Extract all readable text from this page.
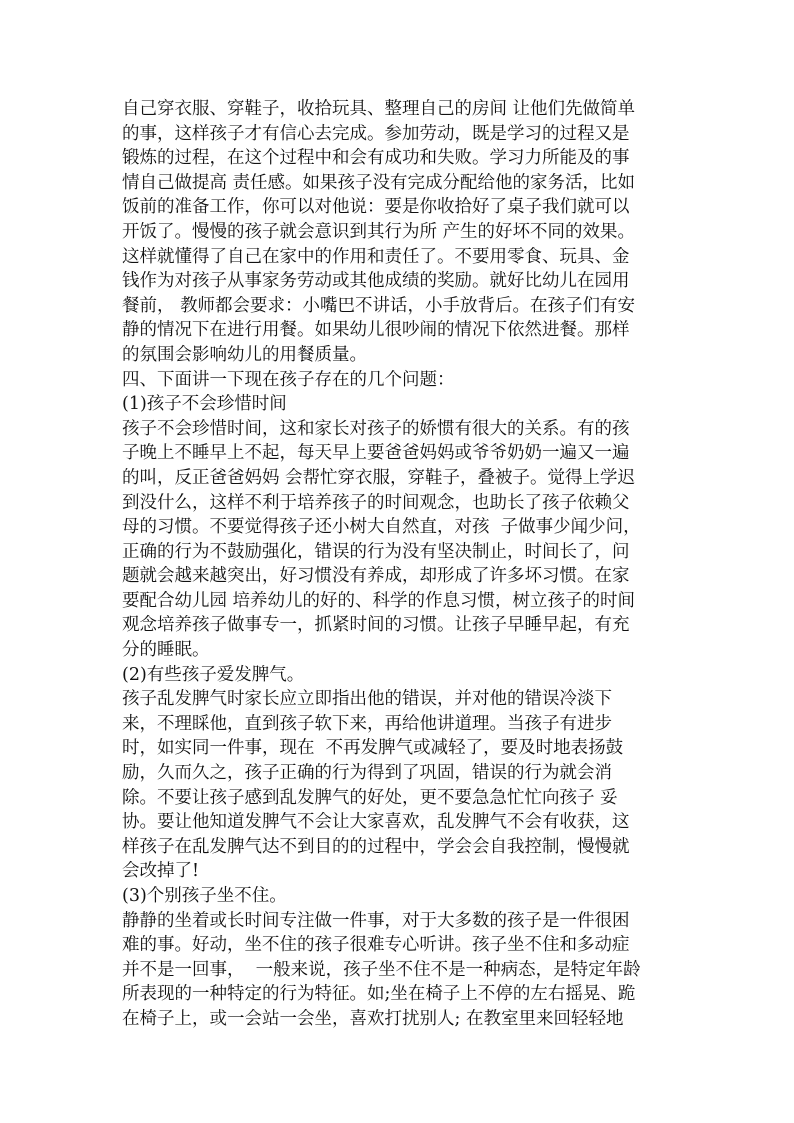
自己穿衣服、穿鞋子，收拾玩具、整理自己的房间 让他们先做简单
的事，这样孩子才有信心去完成。参加劳动，既是学习的过程又是
锻炼的过程，在这个过程中和会有成功和失败。学习力所能及的事
情自己做提高 责任感。如果孩子没有完成分配给他的家务活，比如
饭前的准备工作，你可以对他说：要是你收拾好了桌子我们就可以
开饭了。慢慢的孩子就会意识到其行为所 产生的好坏不同的效果。
这样就懂得了自己在家中的作用和责任了。不要用零食、玩具、金
钱作为对孩子从事家务劳动或其他成绩的奖励。就好比幼儿在园用
餐前， 教师都会要求：小嘴巴不讲话，小手放背后。在孩子们有安
静的情况下在进行用餐。如果幼儿很吵闹的情况下依然进餐。那样
的氛围会影响幼儿的用餐质量。
四、下面讲一下现在孩子存在的几个问题：
(1)孩子不会珍惜时间
孩子不会珍惜时间，这和家长对孩子的娇惯有很大的关系。有的孩
子晚上不睡早上不起，每天早上要爸爸妈妈或爷爷奶奶一遍又一遍
的叫，反正爸爸妈妈 会帮忙穿衣服，穿鞋子，叠被子。觉得上学迟
到没什么，这样不利于培养孩子的时间观念，也助长了孩子依赖父
母的习惯。不要觉得孩子还小树大自然直，对孩  子做事少闻少问，
正确的行为不鼓励强化，错误的行为没有坚决制止，时间长了，问
题就会越来越突出，好习惯没有养成，却形成了许多坏习惯。在家
要配合幼儿园 培养幼儿的好的、科学的作息习惯，树立孩子的时间
观念培养孩子做事专一，抓紧时间的习惯。让孩子早睡早起，有充
分的睡眠。
(2)有些孩子爱发脾气。
孩子乱发脾气时家长应立即指出他的错误，并对他的错误冷淡下
来，不理睬他，直到孩子软下来，再给他讲道理。当孩子有进步
时，如实同一件事，现在  不再发脾气或减轻了，要及时地表扬鼓
励，久而久之，孩子正确的行为得到了巩固，错误的行为就会消
除。不要让孩子感到乱发脾气的好处，更不要急急忙忙向孩子 妥
协。要让他知道发脾气不会让大家喜欢，乱发脾气不会有收获，这
样孩子在乱发脾气达不到目的的过程中，学会会自我控制，慢慢就
会改掉了!
(3)个别孩子坐不住。
静静的坐着或长时间专注做一件事，对于大多数的孩子是一件很困
难的事。好动，坐不住的孩子很难专心听讲。孩子坐不住和多动症
并不是一回事，  一般来说，孩子坐不住不是一种病态，是特定年龄
所表现的一种特定的行为特征。如;坐在椅子上不停的左右摇晃、跪
在椅子上，或一会站一会坐，喜欢打扰别人; 在教室里来回轻轻地
